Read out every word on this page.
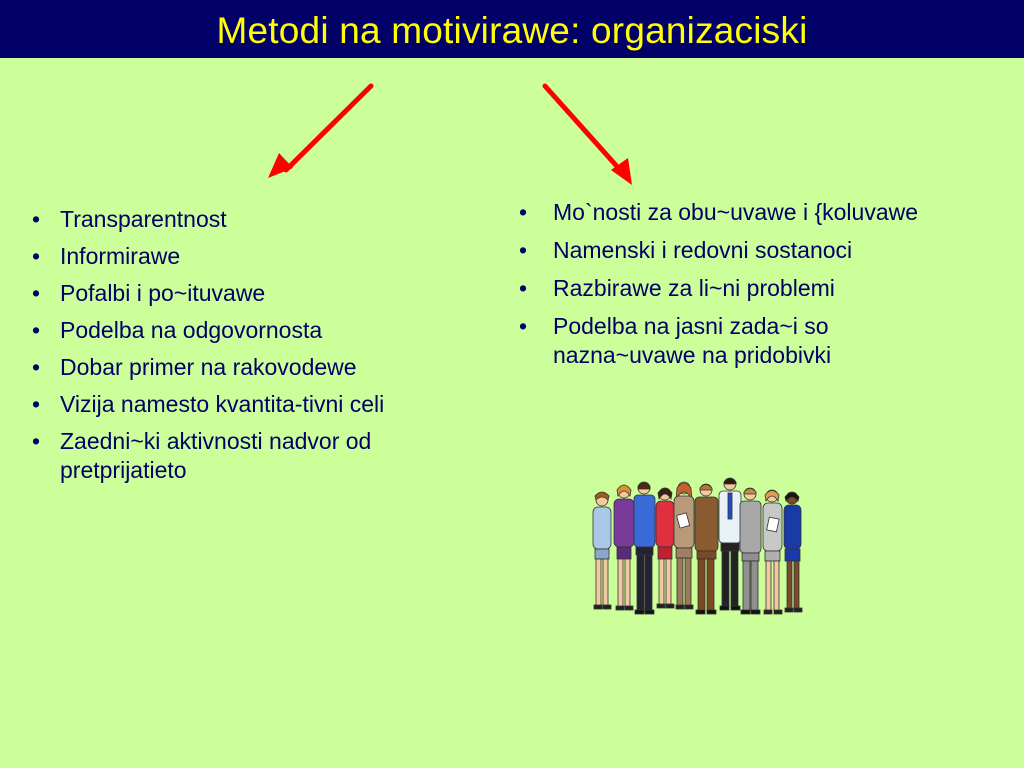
Metodi na motivirawe: organizaciski
• Transparentnost
• Informirawe
• Pofalbi i po~ituvawe
• Podelba na odgovornosta
• Dobar primer na rakovodewe
• Vizija namesto kvantita-tivni celi
• Zaedni~ki aktivnosti nadvor od pretprijatieto
• Mo`nosti za obu~uvawe i {koluvawe
• Namenski i redovni sostanoci
• Razbirawe za li~ni problemi
• Podelba na jasni zada~i so nazna~uvawe na pridobivki
